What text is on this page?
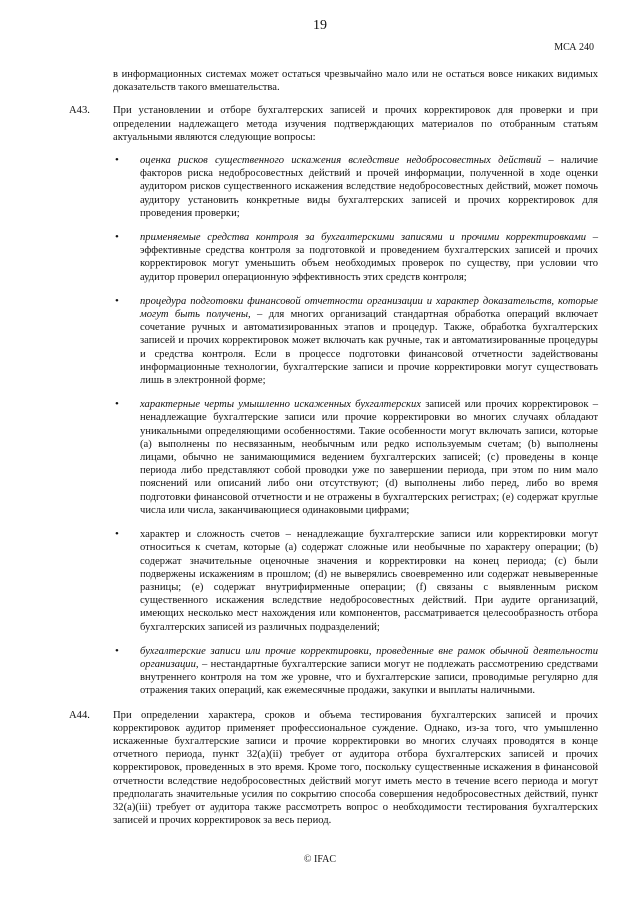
19
МСА 240

в информационных системах может остаться чрезвычайно мало или не остаться вовсе никаких видимых доказательств такого вмешательства.

A43. При установлении и отборе бухгалтерских записей и прочих корректировок для проверки и при определении надлежащего метода изучения подтверждающих материалов по отобранным статьям актуальными являются следующие вопросы:

• оценка рисков существенного искажения вследствие недобросовестных действий – наличие факторов риска недобросовестных действий и прочей информации, полученной в ходе оценки аудитором рисков существенного искажения вследствие недобросовестных действий, может помочь аудитору установить конкретные виды бухгалтерских записей и прочих корректировок для проведения проверки;
• применяемые средства контроля за бухгалтерскими записями и прочими корректировками – эффективные средства контроля за подготовкой и проведением бухгалтерских записей и прочих корректировок могут уменьшить объем необходимых проверок по существу, при условии что аудитор проверил операционную эффективность этих средств контроля;
• процедура подготовки финансовой отчетности организации и характер доказательств, которые могут быть получены, – для многих организаций стандартная обработка операций включает сочетание ручных и автоматизированных этапов и процедур. Также, обработка бухгалтерских записей и прочих корректировок может включать как ручные, так и автоматизированные процедуры и средства контроля. Если в процессе подготовки финансовой отчетности задействованы информационные технологии, бухгалтерские записи и прочие корректировки могут существовать лишь в электронной форме;
• характерные черты умышленно искаженных бухгалтерских записей или прочих корректировок – ненадлежащие бухгалтерские записи или прочие корректировки во многих случаях обладают уникальными определяющими особенностями. Такие особенности могут включать записи, которые (a) выполнены по несвязанным, необычным или редко используемым счетам; (b) выполнены лицами, обычно не занимающимися ведением бухгалтерских записей; (c) проведены в конце периода либо представляют собой проводки уже по завершении периода, при этом по ним мало пояснений или описаний либо они отсутствуют; (d) выполнены либо перед, либо во время подготовки финансовой отчетности и не отражены в бухгалтерских регистрах; (e) содержат круглые числа или числа, заканчивающиеся одинаковыми цифрами;
• характер и сложность счетов – ненадлежащие бухгалтерские записи или корректировки могут относиться к счетам, которые (a) содержат сложные или необычные по характеру операции; (b) содержат значительные оценочные значения и корректировки на конец периода; (c) были подвержены искажениям в прошлом; (d) не выверялись своевременно или содержат невыверенные разницы; (e) содержат внутрифирменные операции; (f) связаны с выявленным риском существенного искажения вследствие недобросовестных действий. При аудите организаций, имеющих несколько мест нахождения или компонентов, рассматривается целесообразность отбора бухгалтерских записей из различных подразделений;
• бухгалтерские записи или прочие корректировки, проведенные вне рамок обычной деятельности организации, – нестандартные бухгалтерские записи могут не подлежать рассмотрению средствами внутреннего контроля на том же уровне, что и бухгалтерские записи, проводимые регулярно для отражения таких операций, как ежемесячные продажи, закупки и выплаты наличными.
A44. При определении характера, сроков и объема тестирования бухгалтерских записей и прочих корректировок аудитор применяет профессиональное суждение. Однако, из-за того, что умышленно искаженные бухгалтерские записи и прочие корректировки во многих случаях проводятся в конце отчетного периода, пункт 32(a)(ii) требует от аудитора отбора бухгалтерских записей и прочих корректировок, проведенных в это время. Кроме того, поскольку существенные искажения в финансовой отчетности вследствие недобросовестных действий могут иметь место в течение всего периода и могут предполагать значительные усилия по сокрытию способа совершения недобросовестных действий, пункт 32(a)(iii) требует от аудитора также рассмотреть вопрос о необходимости тестирования бухгалтерских записей и прочих корректировок за весь период.

© IFAC
